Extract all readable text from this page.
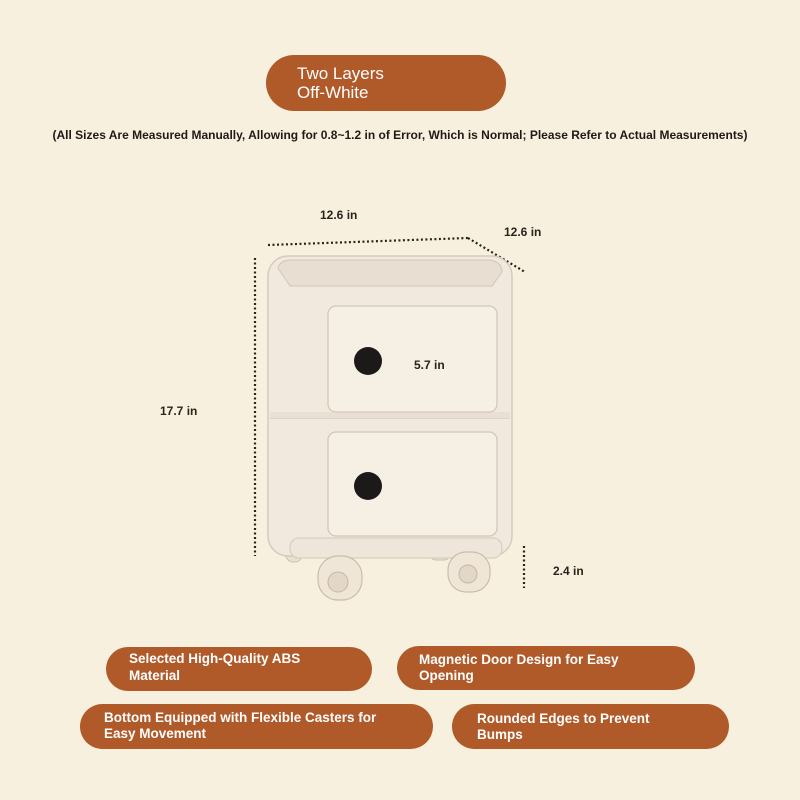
Two Layers
Off-White
(All Sizes Are Measured Manually, Allowing for 0.8~1.2 in of Error, Which is Normal; Please Refer to Actual Measurements)
12.6 in
12.6 in
17.7 in
5.7 in
2.4 in
Selected High-Quality ABS
Material
Magnetic Door Design for Easy
Opening
Bottom Equipped with Flexible Casters for
Easy Movement
Rounded Edges to Prevent
Bumps
